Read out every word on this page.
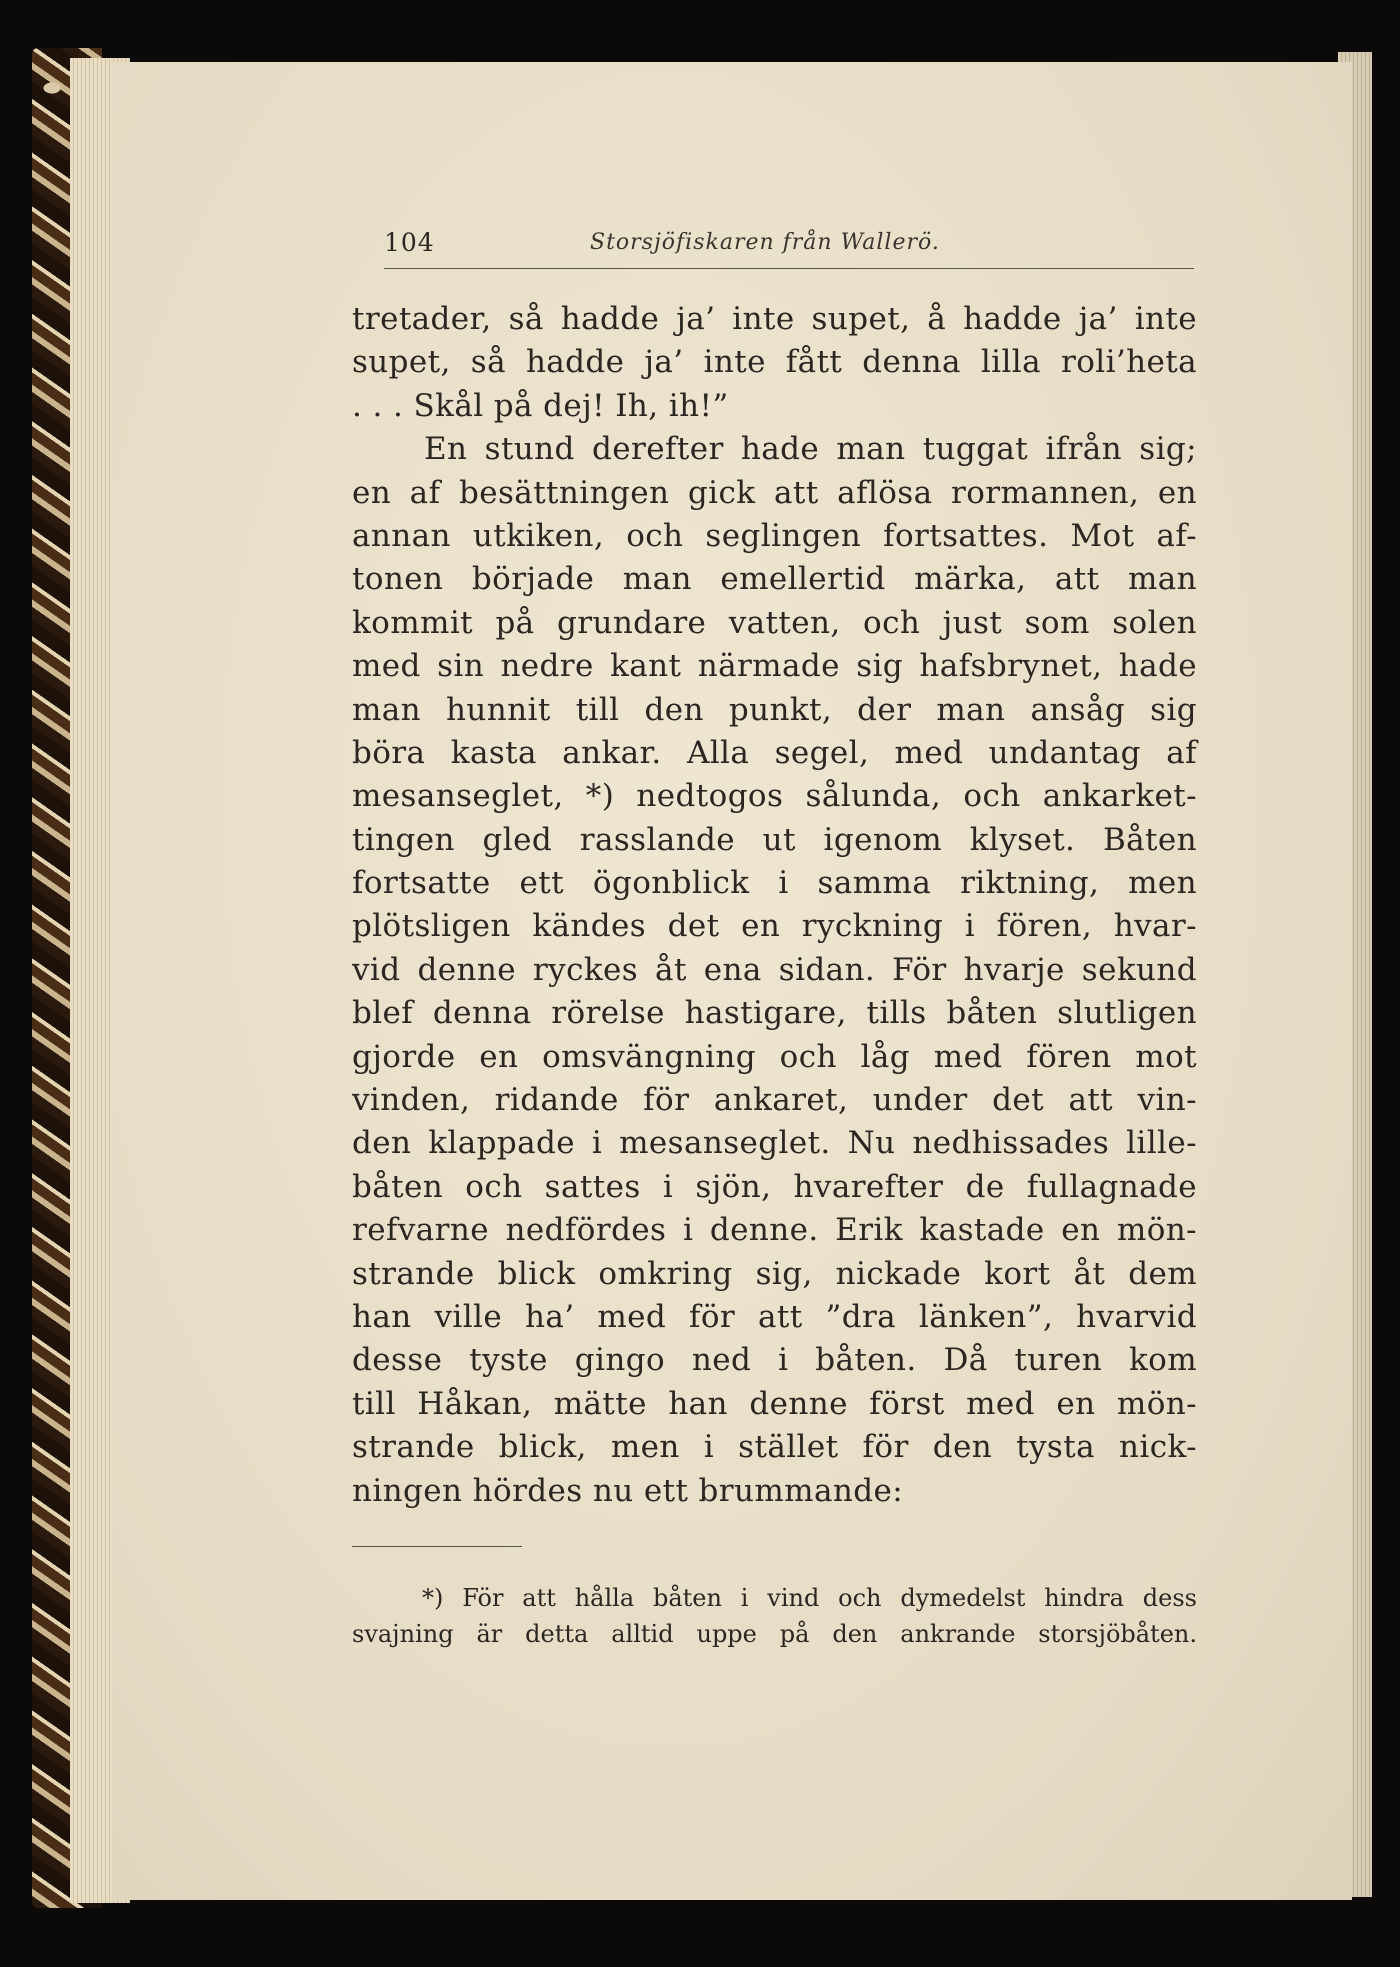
104	Storsjöfiskaren från Wallerö.
tretader, så hadde ja’ inte supet, å hadde ja’ inte
supet, så hadde ja’ inte fått denna lilla roli’heta
. . . Skål på dej! Ih, ih!”
En stund derefter hade man tuggat ifrån sig;
en af besättningen gick att aflösa rormannen, en
annan utkiken, och seglingen fortsattes. Mot af-
tonen började man emellertid märka, att man
kommit på grundare vatten, och just som solen
med sin nedre kant närmade sig hafsbrynet, hade
man hunnit till den punkt, der man ansåg sig
böra kasta ankar. Alla segel, med undantag af
mesanseglet, *) nedtogos sålunda, och ankarket-
tingen gled rasslande ut igenom klyset. Båten
fortsatte ett ögonblick i samma riktning, men
plötsligen kändes det en ryckning i fören, hvar-
vid denne ryckes åt ena sidan. För hvarje sekund
blef denna rörelse hastigare, tills båten slutligen
gjorde en omsvängning och låg med fören mot
vinden, ridande för ankaret, under det att vin-
den klappade i mesanseglet. Nu nedhissades lille-
båten och sattes i sjön, hvarefter de fullagnade
refvarne nedfördes i denne. Erik kastade en mön-
strande blick omkring sig, nickade kort åt dem
han ville ha’ med för att ”dra länken”, hvarvid
desse tyste gingo ned i båten. Då turen kom
till Håkan, mätte han denne först med en mön-
strande blick, men i stället för den tysta nick-
ningen hördes nu ett brummande:
*) För att hålla båten i vind och dymedelst hindra dess
svajning är detta alltid uppe på den ankrande storsjöbåten.
